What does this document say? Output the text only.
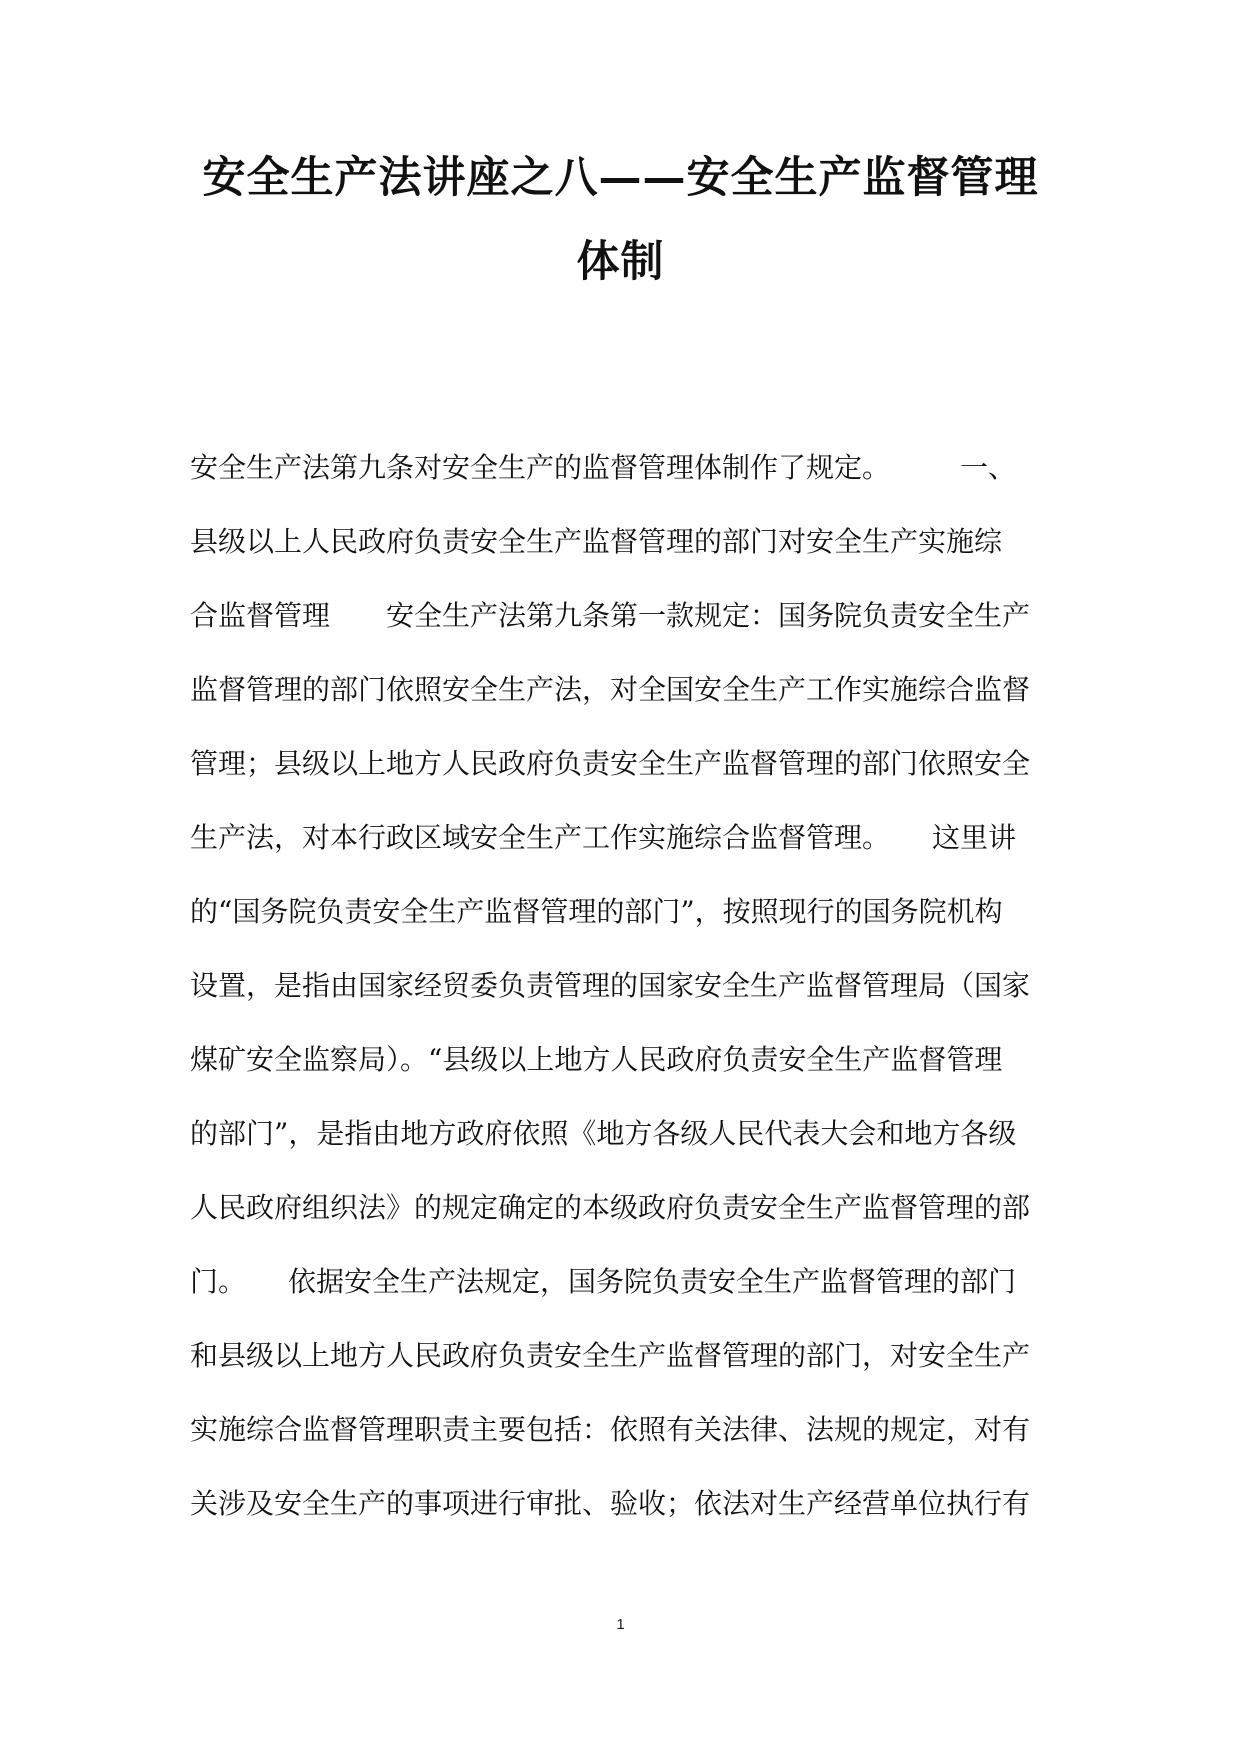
安全生产法讲座之八——安全生产监督管理
体制
安全生产法第九条对安全生产的监督管理体制作了规定。　　　一、
县级以上人民政府负责安全生产监督管理的部门对安全生产实施综
合监督管理　　安全生产法第九条第一款规定：国务院负责安全生产
监督管理的部门依照安全生产法，对全国安全生产工作实施综合监督
管理；县级以上地方人民政府负责安全生产监督管理的部门依照安全
生产法，对本行政区域安全生产工作实施综合监督管理。　　这里讲
的“国务院负责安全生产监督管理的部门”，按照现行的国务院机构
设置，是指由国家经贸委负责管理的国家安全生产监督管理局（国家
煤矿安全监察局）。“县级以上地方人民政府负责安全生产监督管理
的部门”，是指由地方政府依照《地方各级人民代表大会和地方各级
人民政府组织法》的规定确定的本级政府负责安全生产监督管理的部
门。　　依据安全生产法规定，国务院负责安全生产监督管理的部门
和县级以上地方人民政府负责安全生产监督管理的部门，对安全生产
实施综合监督管理职责主要包括：依照有关法律、法规的规定，对有
关涉及安全生产的事项进行审批、验收；依法对生产经营单位执行有
1
